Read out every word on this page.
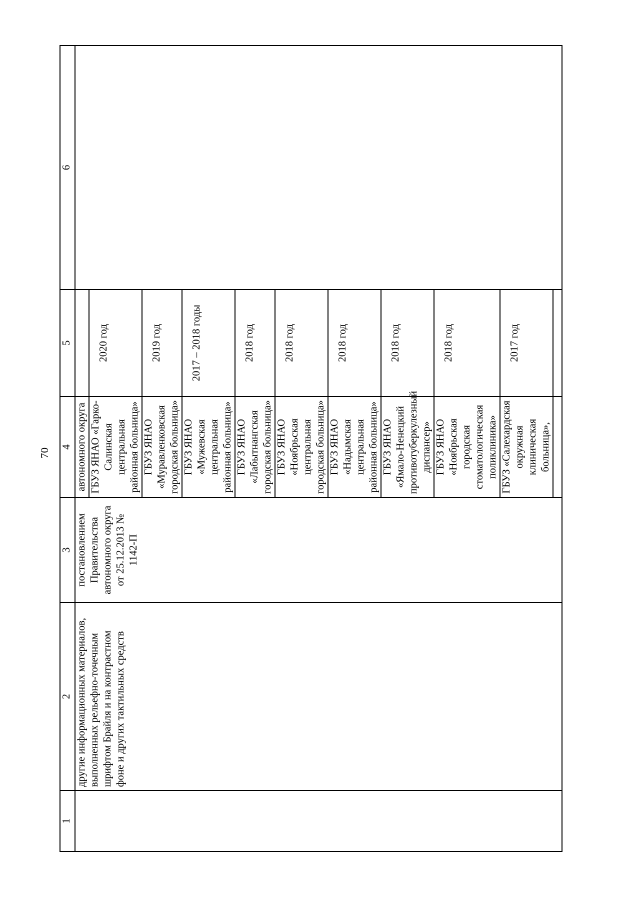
70
1	2	3	4	5	6
	другие информационных материалов, выполненных рельефно-точечным шрифтом Брайля и на контрастном фоне и других тактильных средств	постановлением Правительства автономного округа от 25.12.2013 № 1142-П	автономного округа		
			ГБУЗ ЯНАО «Гарко-Салинская центральная районная больница»	2020 год	
			ГБУЗ ЯНАО «Муравленковская городская больница»	2019 год	
			ГБУЗ ЯНАО «Мужевская центральная районная больница»	2017 – 2018 годы	
			ГБУЗ ЯНАО «Лабытнангская городская больница»	2018 год	
			ГБУЗ ЯНАО «Ноябрьская центральная городская больница»	2018 год	
			ГБУЗ ЯНАО «Надымская центральная районная больница»	2018 год	
			ГБУЗ ЯНАО «Ямало-Ненецкий противотуберкулезный диспансер»	2018 год	
			ГБУЗ ЯНАО «Ноябрьская городская стоматологическая поликлиника»	2018 год	
			ГБУЗ «Салехардская окружная клиническая больница»,	2017 год	
